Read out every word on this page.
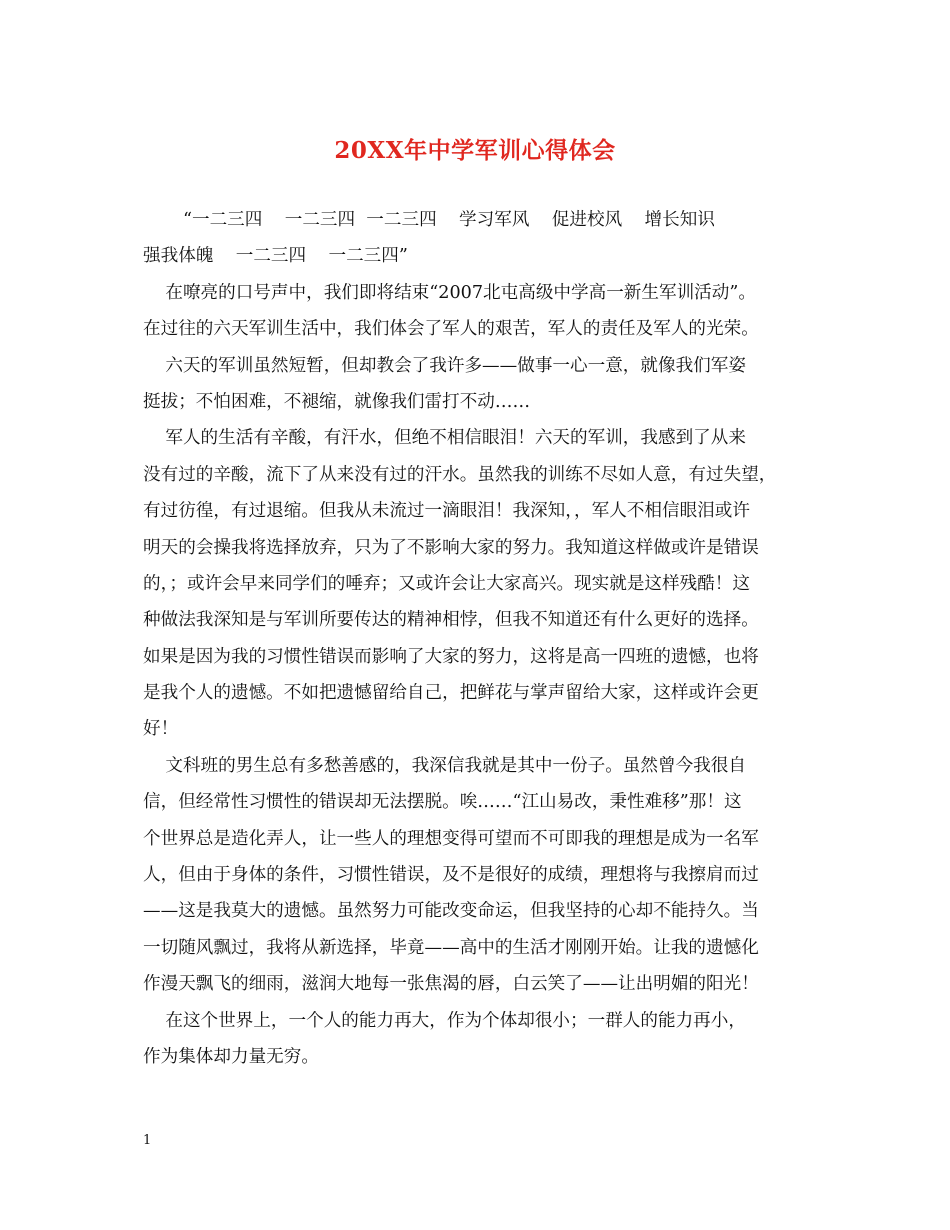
20XX年中学军训心得体会
“一二三四    一二三四  一二三四    学习军风    促进校风    增长知识
强我体魄    一二三四    一二三四”
在嘹亮的口号声中，我们即将结束“2007北屯高级中学高一新生军训活动”。
在过往的六天军训生活中，我们体会了军人的艰苦，军人的责任及军人的光荣。
六天的军训虽然短暂，但却教会了我许多——做事一心一意，就像我们军姿
挺拔；不怕困难，不褪缩，就像我们雷打不动……
军人的生活有辛酸，有汗水，但绝不相信眼泪！六天的军训，我感到了从来
没有过的辛酸，流下了从来没有过的汗水。虽然我的训练不尽如人意，有过失望，
有过彷徨，有过退缩。但我从未流过一滴眼泪！我深知，，军人不相信眼泪或许
明天的会操我将选择放弃，只为了不影响大家的努力。我知道这样做或许是错误
的，；或许会早来同学们的唾弃；又或许会让大家高兴。现实就是这样残酷！这
种做法我深知是与军训所要传达的精神相悖，但我不知道还有什么更好的选择。
如果是因为我的习惯性错误而影响了大家的努力，这将是高一四班的遗憾，也将
是我个人的遗憾。不如把遗憾留给自己，把鲜花与掌声留给大家，这样或许会更
好！
文科班的男生总有多愁善感的，我深信我就是其中一份子。虽然曾今我很自
信，但经常性习惯性的错误却无法摆脱。唉……“江山易改，秉性难移”那！这
个世界总是造化弄人，让一些人的理想变得可望而不可即我的理想是成为一名军
人，但由于身体的条件，习惯性错误，及不是很好的成绩，理想将与我擦肩而过
——这是我莫大的遗憾。虽然努力可能改变命运，但我坚持的心却不能持久。当
一切随风飘过，我将从新选择，毕竟——高中的生活才刚刚开始。让我的遗憾化
作漫天飘飞的细雨，滋润大地每一张焦渴的唇，白云笑了——让出明媚的阳光！
在这个世界上，一个人的能力再大，作为个体却很小；一群人的能力再小，
作为集体却力量无穷。
1
